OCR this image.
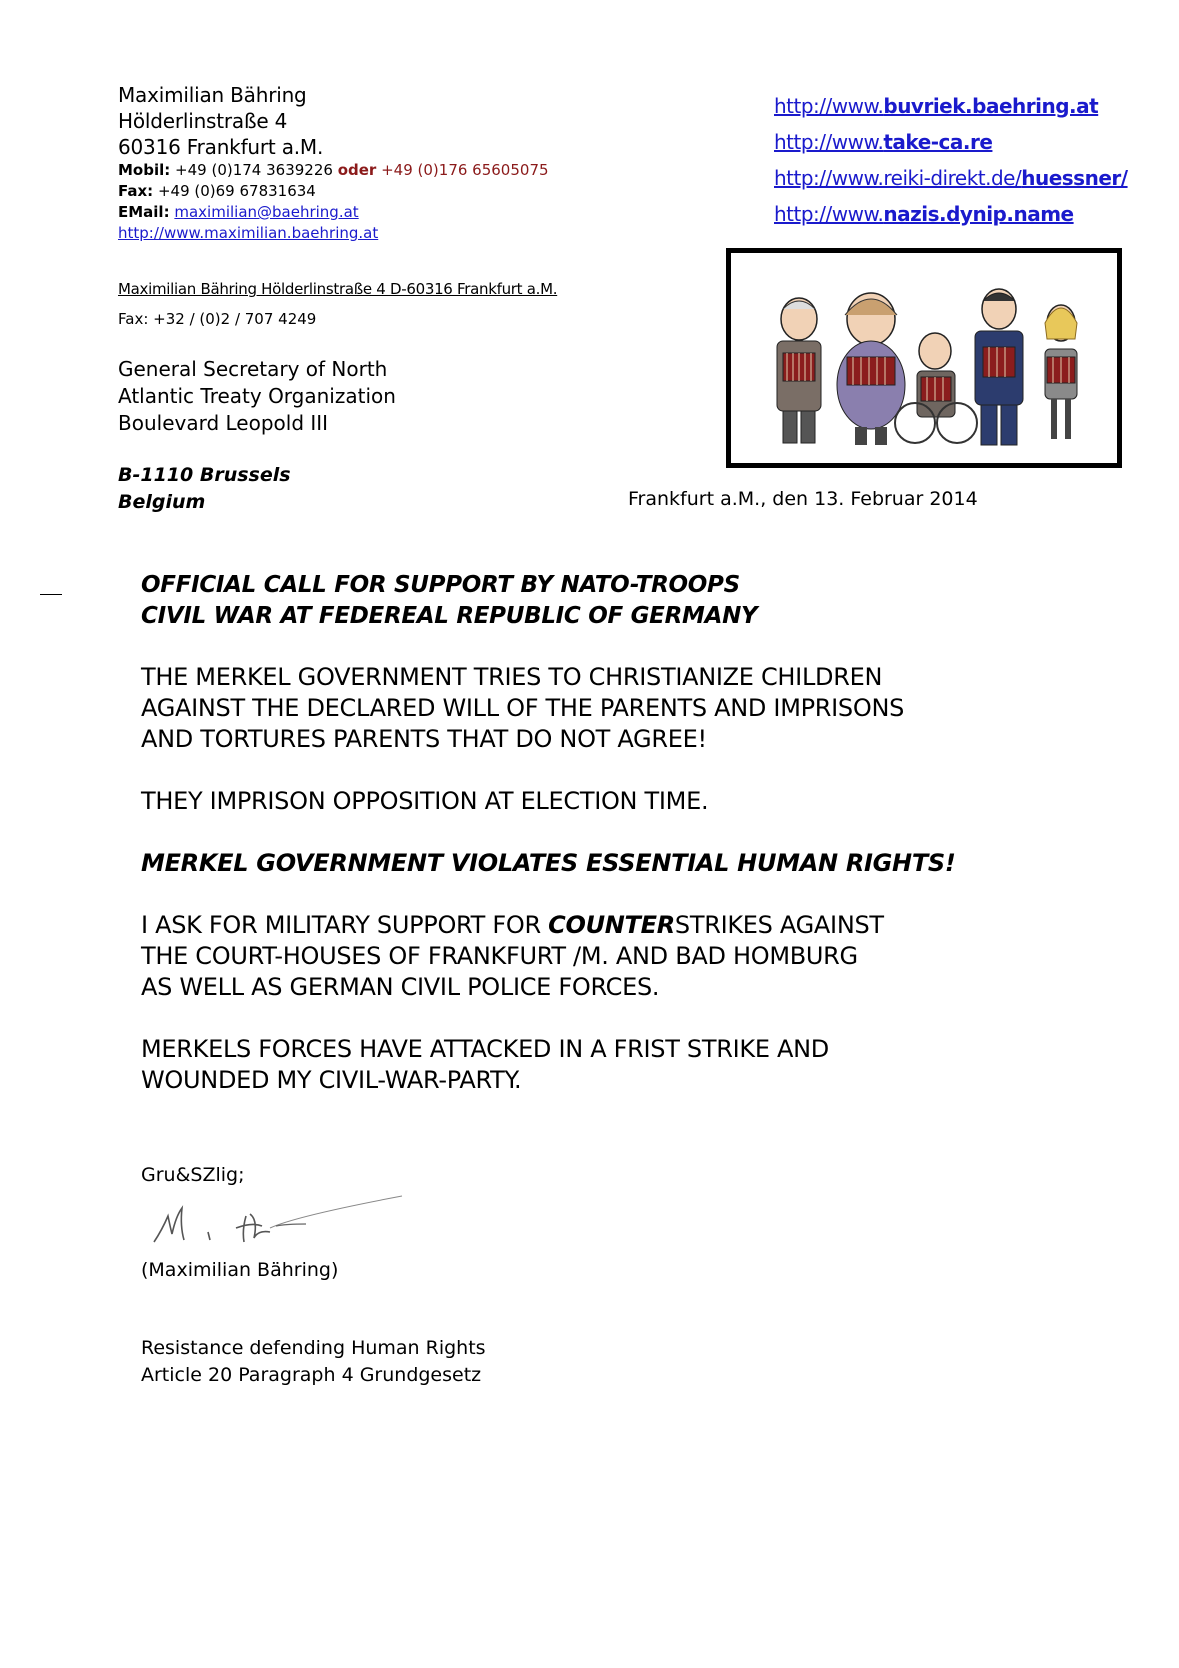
Maximilian Bähring
Hölderlinstraße 4
60316 Frankfurt a.M.
Mobil: +49 (0)174 3639226 oder +49 (0)176 65605075
Fax: +49 (0)69 67831634
EMail: maximilian@baehring.at
http://www.maximilian.baehring.at
http://www.buvriek.baehring.at
http://www.take-ca.re
http://www.reiki-direkt.de/huessner/
http://www.nazis.dynip.name
Maximilian Bähring Hölderlinstraße 4 D-60316 Frankfurt a.M.
Fax: +32 / (0)2 / 707 4249
General Secretary of North
Atlantic Treaty Organization
Boulevard Leopold III
B-1110 Brussels
Belgium	Frankfurt a.M., den 13. Februar 2014
OFFICIAL CALL FOR SUPPORT BY NATO-TROOPS
CIVIL WAR AT FEDEREAL REPUBLIC OF GERMANY
THE MERKEL GOVERNMENT TRIES TO CHRISTIANIZE CHILDREN
AGAINST THE DECLARED WILL OF THE PARENTS AND IMPRISONS
AND TORTURES PARENTS THAT DO NOT AGREE!
THEY IMPRISON OPPOSITION AT ELECTION TIME.
MERKEL GOVERNMENT VIOLATES ESSENTIAL HUMAN RIGHTS!
I ASK FOR MILITARY SUPPORT FOR COUNTERSTRIKES AGAINST
THE COURT-HOUSES OF FRANKFURT /M. AND BAD HOMBURG
AS WELL AS GERMAN CIVIL POLICE FORCES.
MERKELS FORCES HAVE ATTACKED IN A FRIST STRIKE AND
WOUNDED MY CIVIL-WAR-PARTY.
Gru&SZlig;
(Maximilian Bähring)
Resistance defending Human Rights
Article 20 Paragraph 4 Grundgesetz
